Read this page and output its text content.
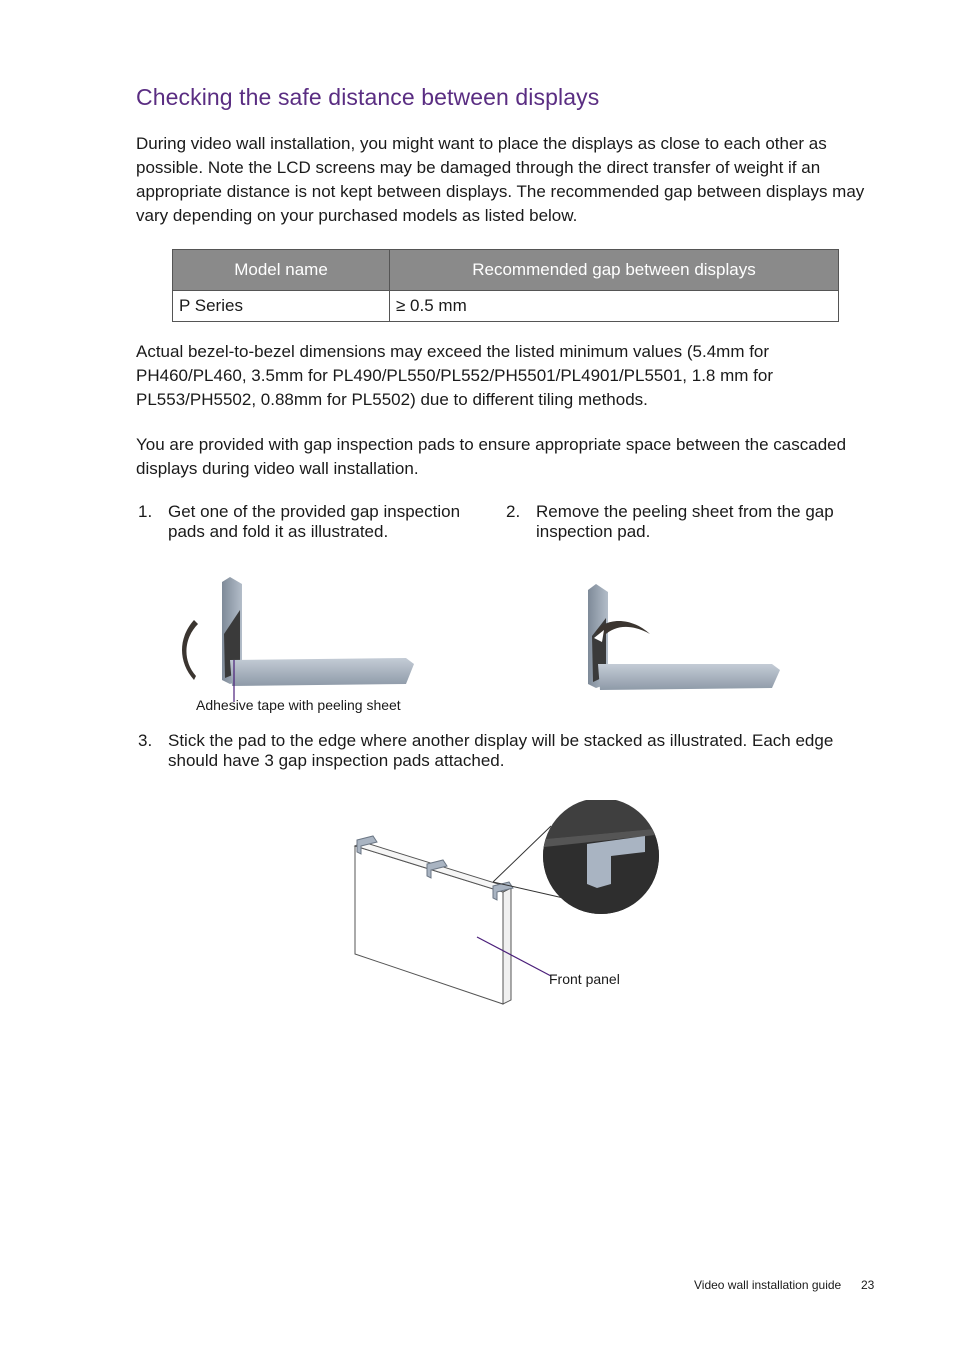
Checking the safe distance between displays

During video wall installation, you might want to place the displays as close to each other as possible. Note the LCD screens may be damaged through the direct transfer of weight if an appropriate distance is not kept between displays. The recommended gap between displays may vary depending on your purchased models as listed below.

Model name	Recommended gap between displays
P Series	≥ 0.5 mm

Actual bezel-to-bezel dimensions may exceed the listed minimum values (5.4mm for PH460/PL460, 3.5mm for PL490/PL550/PL552/PH5501/PL4901/PL5501, 1.8 mm for PL553/PH5502, 0.88mm for PL5502) due to different tiling methods.

You are provided with gap inspection pads to ensure appropriate space between the cascaded displays during video wall installation.

1. Get one of the provided gap inspection
pads and fold it as illustrated.
2. Remove the peeling sheet from the gap
inspection pad.
Adhesive tape with peeling sheet
3. Stick the pad to the edge where another display will be stacked as illustrated. Each edge
should have 3 gap inspection pads attached.
Front panel
Video wall installation guide 23
